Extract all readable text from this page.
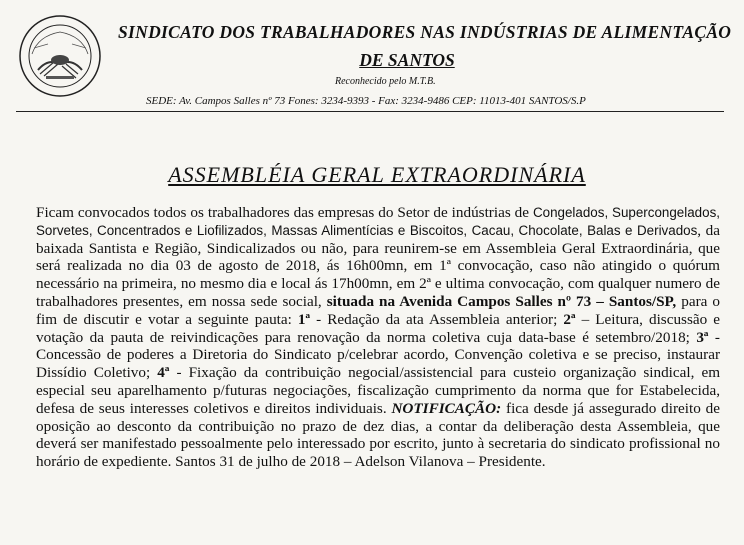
SINDICATO DOS TRABALHADORES NAS INDÚSTRIAS DE ALIMENTAÇÃO
DE SANTOS
Reconhecido pelo M.T.B.
SEDE: Av. Campos Salles nº 73 Fones: 3234-9393 - Fax: 3234-9486 CEP: 11013-401 SANTOS/S.P
ASSEMBLÉIA GERAL EXTRAORDINÁRIA
Ficam convocados todos os trabalhadores das empresas do Setor de indústrias de Congelados, Supercongelados, Sorvetes, Concentrados e Liofilizados, Massas Alimentícias e Biscoitos, Cacau, Chocolate, Balas e Derivados, da baixada Santista e Região, Sindicalizados ou não, para reunirem-se em Assembleia Geral Extraordinária, que será realizada no dia 03 de agosto de 2018, ás 16h00mn, em 1ª convocação, caso não atingido o quórum necessário na primeira, no mesmo dia e local ás 17h00mn, em 2ª e ultima convocação, com qualquer numero de trabalhadores presentes, em nossa sede social, situada na Avenida Campos Salles nº 73 – Santos/SP, para o fim de discutir e votar a seguinte pauta: 1ª - Redação da ata Assembleia anterior; 2ª – Leitura, discussão e votação da pauta de reivindicações para renovação da norma coletiva cuja data-base é setembro/2018; 3ª - Concessão de poderes a Diretoria do Sindicato p/celebrar acordo, Convenção coletiva e se preciso, instaurar Dissídio Coletivo; 4ª - Fixação da contribuição negocial/assistencial para custeio organização sindical, em especial seu aparelhamento p/futuras negociações, fiscalização cumprimento da norma que for Estabelecida, defesa de seus interesses coletivos e direitos individuais. NOTIFICAÇÃO: fica desde já assegurado direito de oposição ao desconto da contribuição no prazo de dez dias, a contar da deliberação desta Assembleia, que deverá ser manifestado pessoalmente pelo interessado por escrito, junto à secretaria do sindicato profissional no horário de expediente. Santos 31 de julho de 2018 – Adelson Vilanova – Presidente.
